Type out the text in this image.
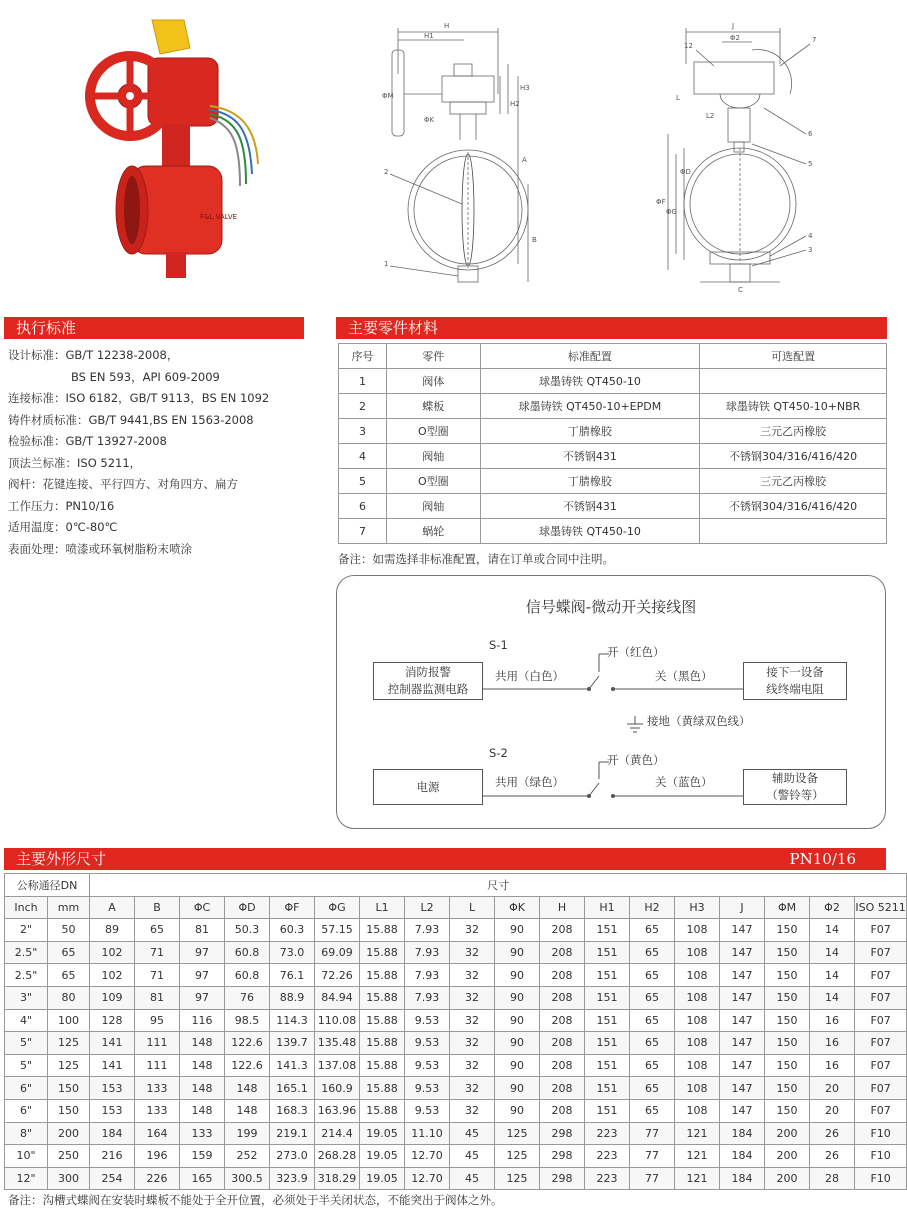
F&L VALVE
H
H1
ΦM
H2
H3
ΦK
A
B
2
1
J
Φ2
12
7
L
L2
6
5
ΦD
ΦF
ΦG
4
3
C
执行标准
设计标准：GB/T 12238-2008，
BS EN 593，API 609-2009
连接标准：ISO 6182，GB/T 9113，BS EN 1092
铸件材质标准：GB/T 9441,BS EN 1563-2008
检验标准：GB/T 13927-2008
顶法兰标准：ISO 5211，
阀杆：花键连接、平行四方、对角四方、扁方
工作压力：PN10/16
适用温度：0℃-80℃
表面处理：喷漆或环氧树脂粉末喷涂
主要零件材料
序号	零件	标准配置	可选配置
1	阀体	球墨铸铁 QT450-10	
2	蝶板	球墨铸铁 QT450-10+EPDM	球墨铸铁 QT450-10+NBR
3	O型圈	丁腈橡胶	三元乙丙橡胶
4	阀轴	不锈钢431	不锈钢304/316/416/420
5	O型圈	丁腈橡胶	三元乙丙橡胶
6	阀轴	不锈钢431	不锈钢304/316/416/420
7	蜗轮	球墨铸铁 QT450-10	
备注：如需选择非标准配置，请在订单或合同中注明。
信号蝶阀-微动开关接线图
S-1
消防报警
控制器监测电路
共用（白色）
开（红色）
关（黑色）	接下一设备
线终端电阻
接地（黄绿双色线）
S-2
电源	共用（绿色）
开（黄色）
关（蓝色）	辅助设备
（警铃等）
主要外形尺寸	PN10/16
公称通径DN		尺寸																	
Inch	mm	A	B	ΦC	ΦD	ΦF	ΦG	L1	L2	L	ΦK	H	H1	H2	H3	J	ΦM	Φ2	ISO 5211
2"	50	89	65	81	50.3	60.3	57.15	15.88	7.93	32	90	208	151	65	108	147	150	14	F07
2.5"	65	102	71	97	60.8	73.0	69.09	15.88	7.93	32	90	208	151	65	108	147	150	14	F07
2.5"	65	102	71	97	60.8	76.1	72.26	15.88	7.93	32	90	208	151	65	108	147	150	14	F07
3"	80	109	81	97	76	88.9	84.94	15.88	7.93	32	90	208	151	65	108	147	150	14	F07
4"	100	128	95	116	98.5	114.3	110.08	15.88	9.53	32	90	208	151	65	108	147	150	16	F07
5"	125	141	111	148	122.6	139.7	135.48	15.88	9.53	32	90	208	151	65	108	147	150	16	F07
5"	125	141	111	148	122.6	141.3	137.08	15.88	9.53	32	90	208	151	65	108	147	150	16	F07
6"	150	153	133	148	148	165.1	160.9	15.88	9.53	32	90	208	151	65	108	147	150	20	F07
6"	150	153	133	148	148	168.3	163.96	15.88	9.53	32	90	208	151	65	108	147	150	20	F07
8"	200	184	164	133	199	219.1	214.4	19.05	11.10	45	125	298	223	77	121	184	200	26	F10
10"	250	216	196	159	252	273.0	268.28	19.05	12.70	45	125	298	223	77	121	184	200	26	F10
12"	300	254	226	165	300.5	323.9	318.29	19.05	12.70	45	125	298	223	77	121	184	200	28	F10
备注：沟槽式蝶阀在安装时蝶板不能处于全开位置，必须处于半关闭状态，不能突出于阀体之外。
